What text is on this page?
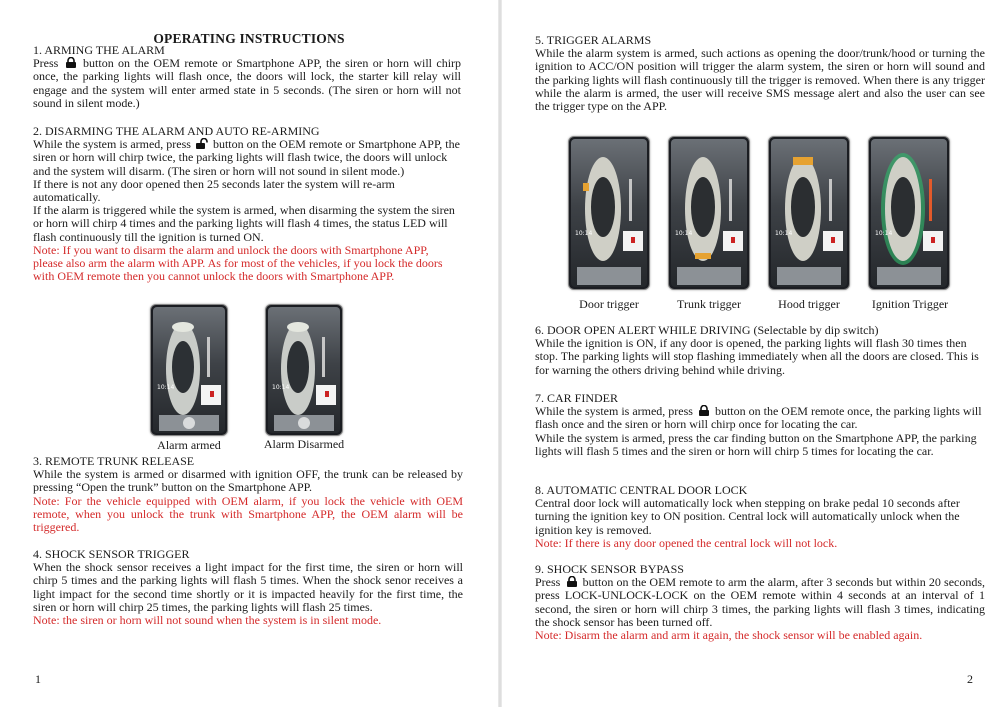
OPERATING INSTRUCTIONS
1. ARMING THE ALARM

Press button on the OEM remote or Smartphone APP, the siren or horn will chirp once, the parking lights will flash once, the doors will lock, the starter kill relay will engage and the system will enter armed state in 5 seconds. (The siren or horn will not sound in silent mode.)

2. DISARMING THE ALARM AND AUTO RE-ARMING

While the system is armed, press button on the OEM remote or Smartphone APP, the siren or horn will chirp twice, the parking lights will flash twice, the doors will unlock and the system will disarm. (The siren or horn will not sound in silent mode.)

If there is not any door opened then 25 seconds later the system will re-arm automatically.

If the alarm is triggered while the system is armed, when disarming the system the siren or horn will chirp 4 times and the parking lights will flash 4 times, the status LED will flash continuously till the ignition is turned ON.

Note: If you want to disarm the alarm and unlock the doors with Smartphone APP, please also arm the alarm with APP. As for most of the vehicles, if you lock the doors with OEM remote then you cannot unlock the doors with Smartphone APP.

10:14	10:14
Alarm armed	Alarm Disarmed
3. REMOTE TRUNK RELEASE

While the system is armed or disarmed with ignition OFF, the trunk can be released by pressing “Open the trunk” button on the Smartphone APP.

Note: For the vehicle equipped with OEM alarm, if you lock the vehicle with OEM remote, when you unlock the trunk with Smartphone APP, the OEM alarm will be triggered.

4. SHOCK SENSOR TRIGGER

When the shock sensor receives a light impact for the first time, the siren or horn will chirp 5 times and the parking lights will flash 5 times. When the shock senor receives a light impact for the second time shortly or it is impacted heavily for the first time, the siren or horn will chirp 25 times, the parking lights will flash 25 times.

Note: the siren or horn will not sound when the system is in silent mode.

1
5. TRIGGER ALARMS

While the alarm system is armed, such actions as opening the door/trunk/hood or turning the ignition to ACC/ON position will trigger the alarm system, the siren or horn will sound and the parking lights will flash continuously till the trigger is removed. When there is any trigger while the alarm is armed, the user will receive SMS message alert and also the user can see the trigger type on the APP.

10:14	10:14	10:14	10:14
Door trigger	Trunk trigger	Hood trigger	Ignition Trigger
6. DOOR OPEN ALERT WHILE DRIVING (Selectable by dip switch)

While the ignition is ON, if any door is opened, the parking lights will flash 30 times then stop. The parking lights will stop flashing immediately when all the doors are closed. This is for warning the others driving behind while driving.

7. CAR FINDER

While the system is armed, press button on the OEM remote once, the parking lights will flash once and the siren or horn will chirp once for locating the car.

While the system is armed, press the car finding button on the Smartphone APP, the parking lights will flash 5 times and the siren or horn will chirp 5 times for locating the car.

8. AUTOMATIC CENTRAL DOOR LOCK

Central door lock will automatically lock when stepping on brake pedal 10 seconds after turning the ignition key to ON position. Central lock will automatically unlock when the ignition key is removed.

Note: If there is any door opened the central lock will not lock.

9. SHOCK SENSOR BYPASS

Press button on the OEM remote to arm the alarm, after 3 seconds but within 20 seconds, press LOCK-UNLOCK-LOCK on the OEM remote within 4 seconds at an interval of 1 second, the siren or horn will chirp 3 times, the parking lights will flash 3 times, indicating the shock sensor has been turned off.

Note: Disarm the alarm and arm it again, the shock sensor will be enabled again.

2
